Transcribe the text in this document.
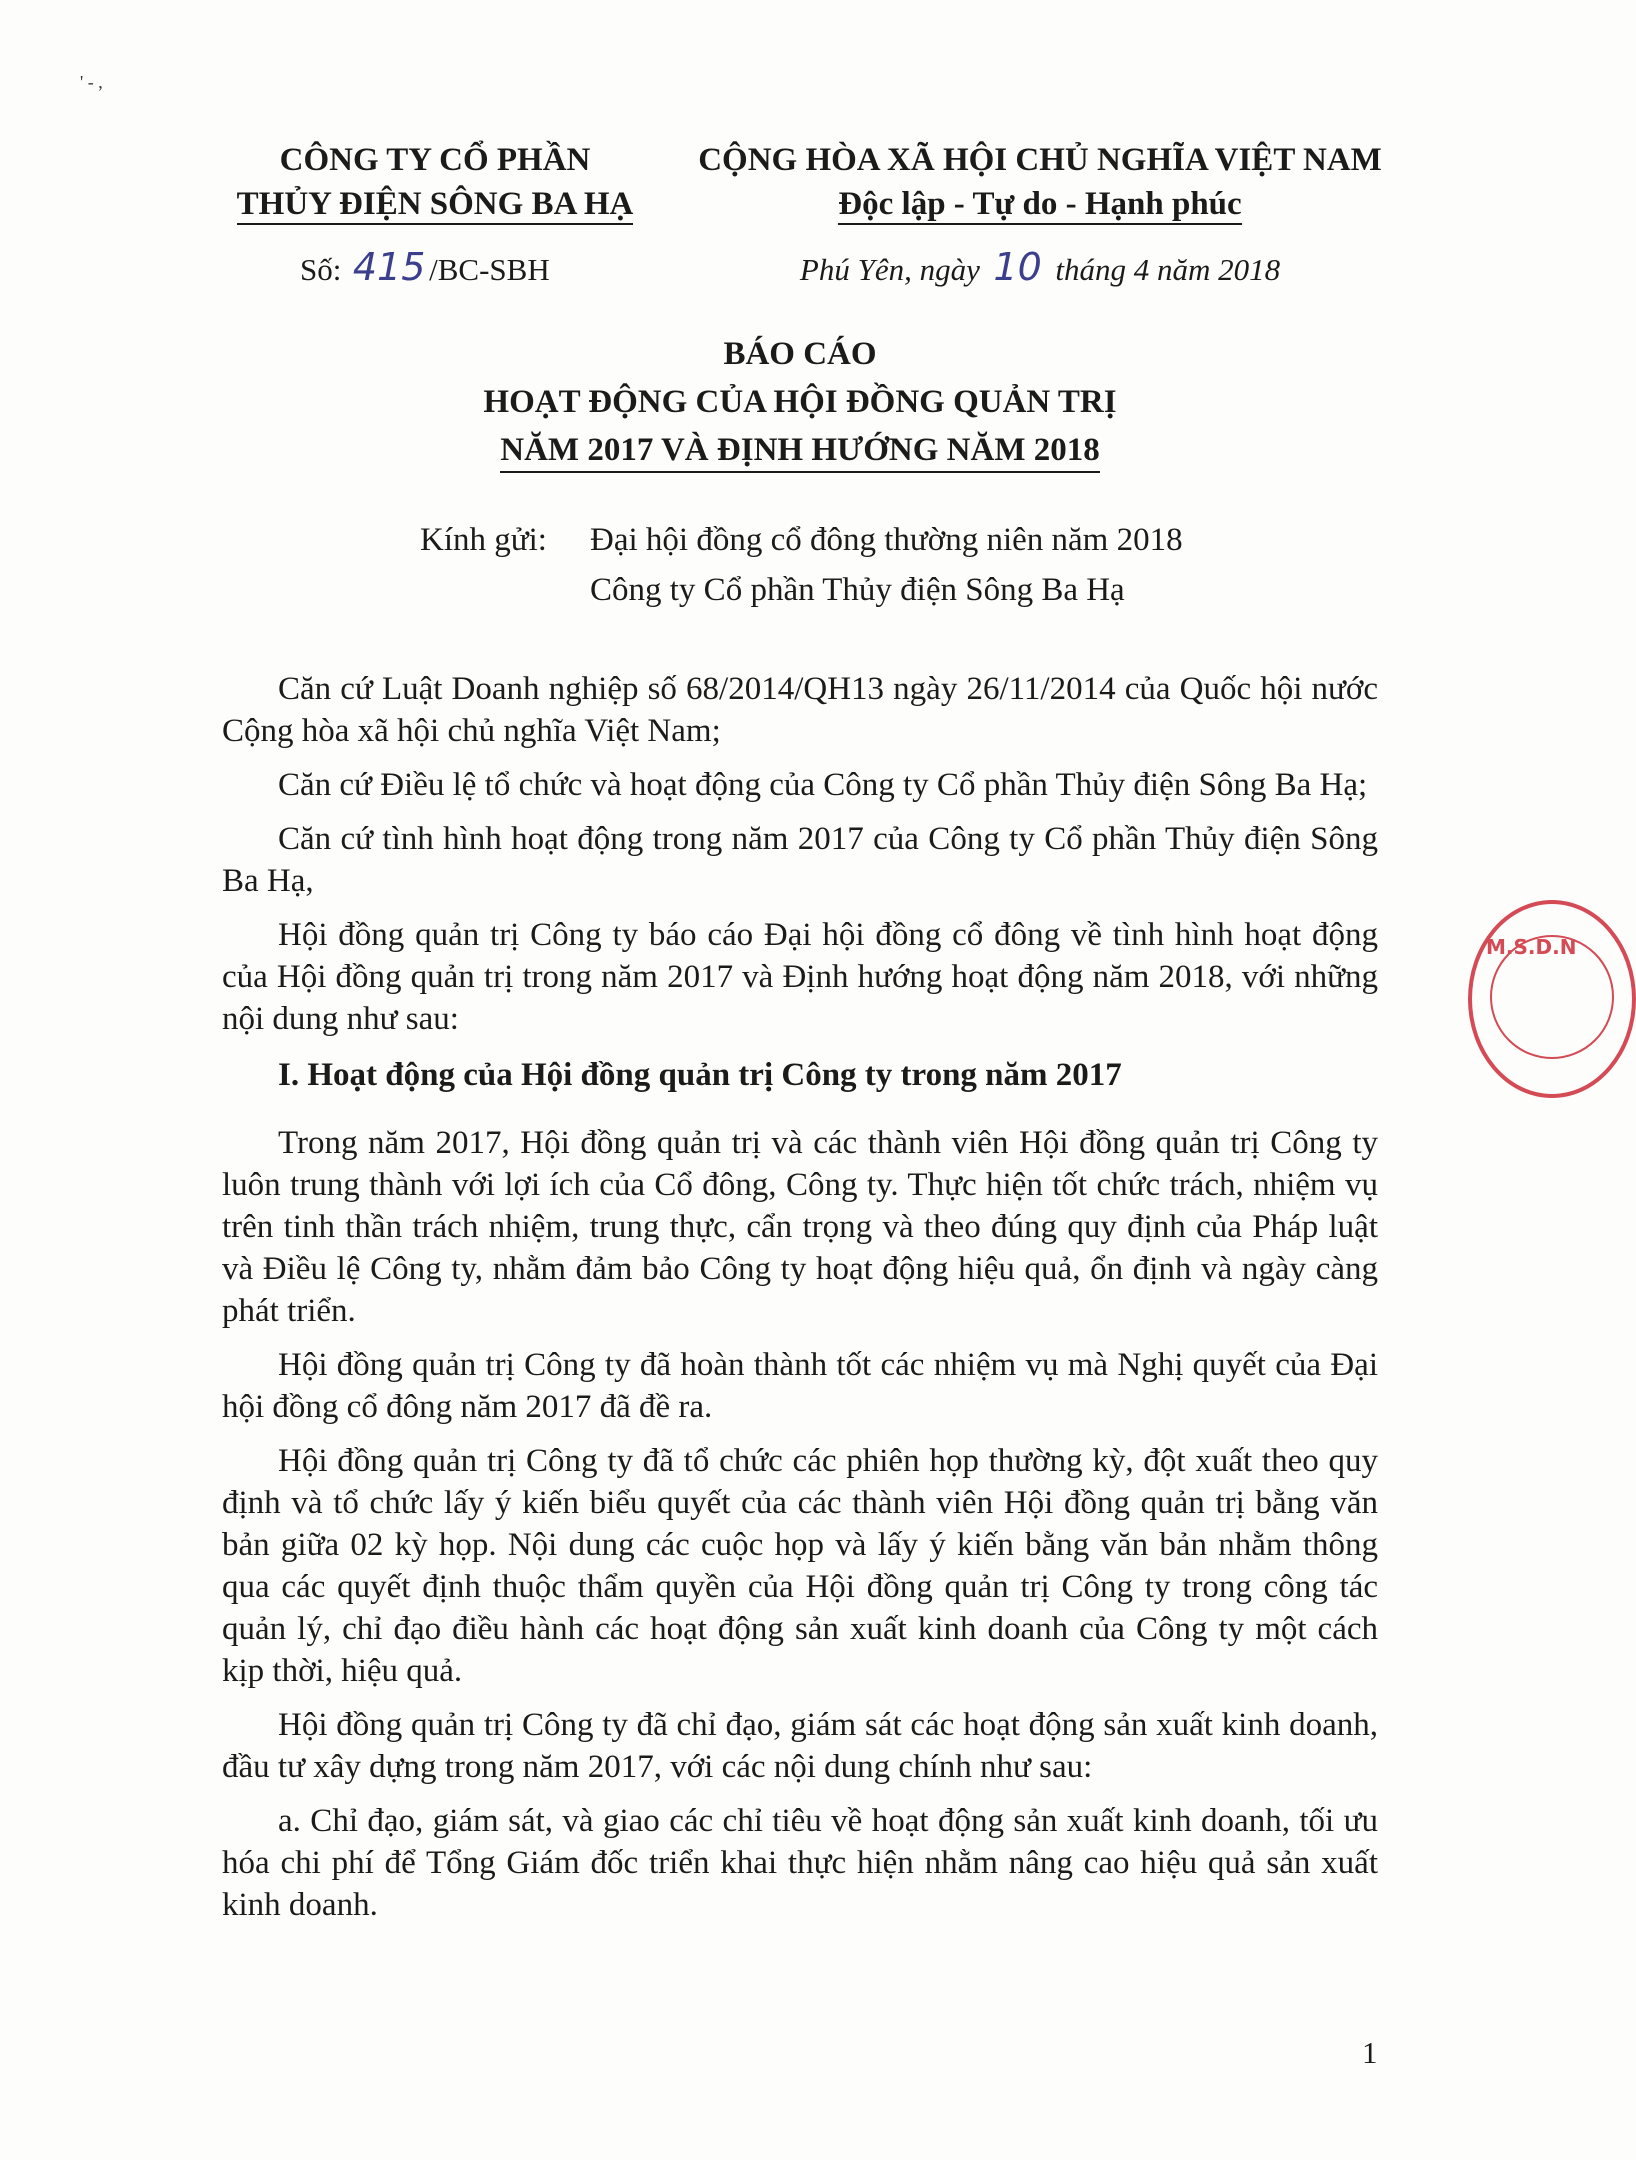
' ‐ ,
CÔNG TY CỔ PHẦN
THỦY ĐIỆN SÔNG BA HẠ
CỘNG HÒA XÃ HỘI CHỦ NGHĨA VIỆT NAM
Độc lập - Tự do - Hạnh phúc
Số: 415 /BC-SBH	Phú Yên, ngày 10 tháng 4 năm 2018
BÁO CÁO
HOẠT ĐỘNG CỦA HỘI ĐỒNG QUẢN TRỊ
NĂM 2017 VÀ ĐỊNH HƯỚNG NĂM 2018
Kính gửi: Đại hội đồng cổ đông thường niên năm 2018
Công ty Cổ phần Thủy điện Sông Ba Hạ

Căn cứ Luật Doanh nghiệp số 68/2014/QH13 ngày 26/11/2014 của Quốc hội nước Cộng hòa xã hội chủ nghĩa Việt Nam;

Căn cứ Điều lệ tổ chức và hoạt động của Công ty Cổ phần Thủy điện Sông Ba Hạ;

Căn cứ tình hình hoạt động trong năm 2017 của Công ty Cổ phần Thủy điện Sông Ba Hạ,

Hội đồng quản trị Công ty báo cáo Đại hội đồng cổ đông về tình hình hoạt động của Hội đồng quản trị trong năm 2017 và Định hướng hoạt động năm 2018, với những nội dung như sau:

I. Hoạt động của Hội đồng quản trị Công ty trong năm 2017

Trong năm 2017, Hội đồng quản trị và các thành viên Hội đồng quản trị Công ty luôn trung thành với lợi ích của Cổ đông, Công ty. Thực hiện tốt chức trách, nhiệm vụ trên tinh thần trách nhiệm, trung thực, cẩn trọng và theo đúng quy định của Pháp luật và Điều lệ Công ty, nhằm đảm bảo Công ty hoạt động hiệu quả, ổn định và ngày càng phát triển.

Hội đồng quản trị Công ty đã hoàn thành tốt các nhiệm vụ mà Nghị quyết của Đại hội đồng cổ đông năm 2017 đã đề ra.

Hội đồng quản trị Công ty đã tổ chức các phiên họp thường kỳ, đột xuất theo quy định và tổ chức lấy ý kiến biểu quyết của các thành viên Hội đồng quản trị bằng văn bản giữa 02 kỳ họp. Nội dung các cuộc họp và lấy ý kiến bằng văn bản nhằm thông qua các quyết định thuộc thẩm quyền của Hội đồng quản trị Công ty trong công tác quản lý, chỉ đạo điều hành các hoạt động sản xuất kinh doanh của Công ty một cách kịp thời, hiệu quả.

Hội đồng quản trị Công ty đã chỉ đạo, giám sát các hoạt động sản xuất kinh doanh, đầu tư xây dựng trong năm 2017, với các nội dung chính như sau:

a. Chỉ đạo, giám sát, và giao các chỉ tiêu về hoạt động sản xuất kinh doanh, tối ưu hóa chi phí để Tổng Giám đốc triển khai thực hiện nhằm nâng cao hiệu quả sản xuất kinh doanh.

M.S.D.N
1
